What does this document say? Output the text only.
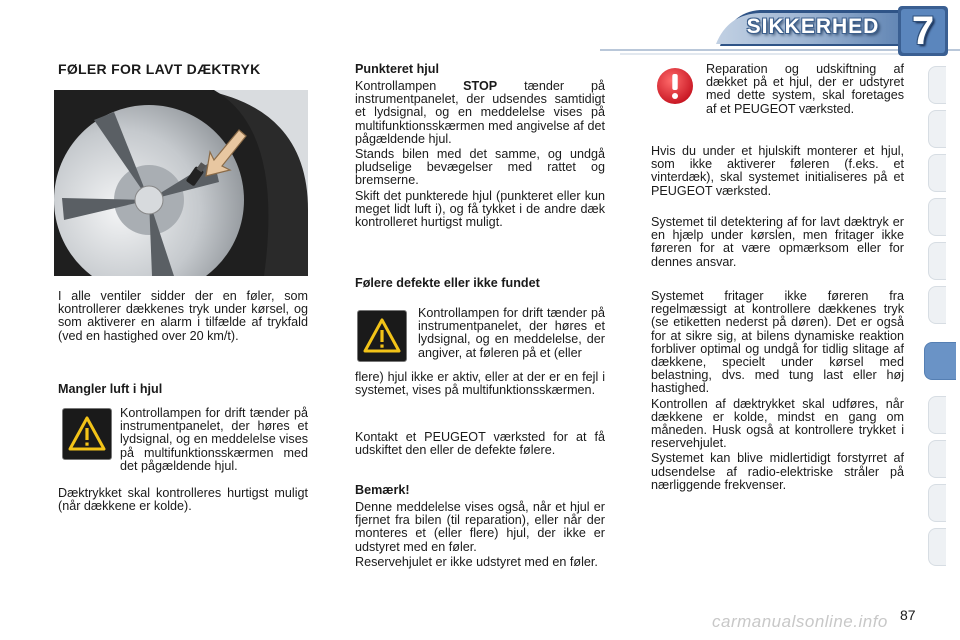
SIKKERHED 7
FØLER FOR LAVT DÆKTRYK

I alle ventiler sidder der en føler, som kontrollerer dækkenes tryk under kørsel, og som aktiverer en alarm i tilfælde af trykfald (ved en hastighed over 20 km/t).

Mangler luft i hjul

Kontrollampen for drift tænder på instrumentpanelet, der høres et lydsignal, og en meddelelse vises på multifunktionsskærmen med det pågældende hjul.

Dæktrykket skal kontrolleres hurtigst muligt (når dækkene er kolde).

Punkteret hjul

Kontrollampen STOP tænder på instrumentpanelet, der udsendes samtidigt et lydsignal, og en meddelelse vises på multifunktionsskærmen med angivelse af det pågældende hjul.

Stands bilen med det samme, og undgå pludselige bevægelser med rattet og bremserne.

Skift det punkterede hjul (punkteret eller kun meget lidt luft i), og få tykket i de andre dæk kontrolleret hurtigst muligt.

Følere defekte eller ikke fundet

Kontrollampen for drift tænder på instrumentpanelet, der høres et lydsignal, og en meddelelse, der angiver, at føleren på et (eller

flere) hjul ikke er aktiv, eller at der er en fejl i systemet, vises på multifunktionsskærmen.

Kontakt et PEUGEOT værksted for at få udskiftet den eller de defekte følere.

Bemærk!

Denne meddelelse vises også, når et hjul er fjernet fra bilen (til reparation), eller når der monteres et (eller flere) hjul, der ikke er udstyret med en føler.

Reservehjulet er ikke udstyret med en føler.

Reparation og udskiftning af dækket på et hjul, der er udstyret med dette system, skal foretages af et PEUGEOT værksted.

Hvis du under et hjulskift monterer et hjul, som ikke aktiverer føleren (f.eks. et vinterdæk), skal systemet initialiseres på et PEUGEOT værksted.

Systemet til detektering af for lavt dæktryk er en hjælp under kørslen, men fritager ikke føreren for at være opmærksom eller for dennes ansvar.

Systemet fritager ikke føreren fra regelmæssigt at kontrollere dækkenes tryk (se etiketten nederst på døren). Det er også for at sikre sig, at bilens dynamiske reaktion forbliver optimal og undgå for tidlig slitage af dækkene, specielt under kørsel med belastning, dvs. med tung last eller høj hastighed.

Kontrollen af dæktrykket skal udføres, når dækkene er kolde, mindst en gang om måneden. Husk også at kontrollere trykket i reservehjulet.

Systemet kan blive midlertidigt forstyrret af udsendelse af radio-elektriske stråler på nærliggende frekvenser.

carmanualsonline.info 87
